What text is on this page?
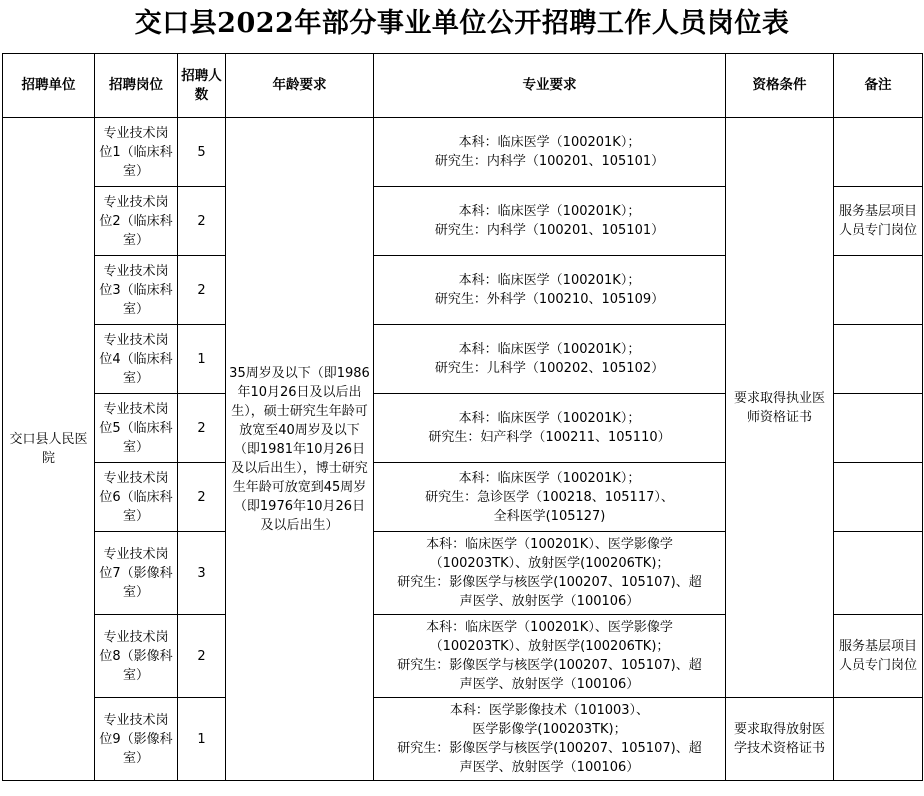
交口县2022年部分事业单位公开招聘工作人员岗位表
招聘单位	招聘岗位	招聘人数	年龄要求	专业要求	资格条件	备注
交口县人民医院	专业技术岗位1（临床科室）	5	35周岁及以下（即1986年10月26日及以后出生），硕士研究生年龄可放宽至40周岁及以下（即1981年10月26日及以后出生），博士研究生年龄可放宽到45周岁（即1976年10月26日及以后出生）	本科：临床医学（100201K）；
研究生：内科学（100201、105101）	要求取得执业医师资格证书	
	专业技术岗位2（临床科室）	2		本科：临床医学（100201K）；
研究生：内科学（100201、105101）		服务基层项目人员专门岗位
	专业技术岗位3（临床科室）	2		本科：临床医学（100201K）；
研究生：外科学（100210、105109）		

	专业技术岗位4（临床科室）	1		本科：临床医学（100201K）；
研究生：儿科学（100202、105102）		

	专业技术岗位5（临床科室）	2		本科：临床医学（100201K）；
研究生：妇产科学（100211、105110）		

	专业技术岗位6（临床科室）	2		本科：临床医学（100201K）；
研究生：急诊医学（100218、105117）、
全科医学(105127)		

	专业技术岗位7（影像科室）	3		本科：临床医学（100201K）、医学影像学
（100203TK）、放射医学(100206TK)；
研究生：影像医学与核医学(100207、105107)、超
声医学、放射医学（100106）		

	专业技术岗位8（影像科室）	2		本科：临床医学（100201K）、医学影像学
（100203TK）、放射医学(100206TK)；
研究生：影像医学与核医学(100207、105107)、超
声医学、放射医学（100106）		服务基层项目人员专门岗位
	专业技术岗位9（影像科室）	1		本科：医学影像技术（101003）、
医学影像学(100203TK)；
研究生：影像医学与核医学(100207、105107)、超
声医学、放射医学（100106）	要求取得放射医学技术资格证书	
